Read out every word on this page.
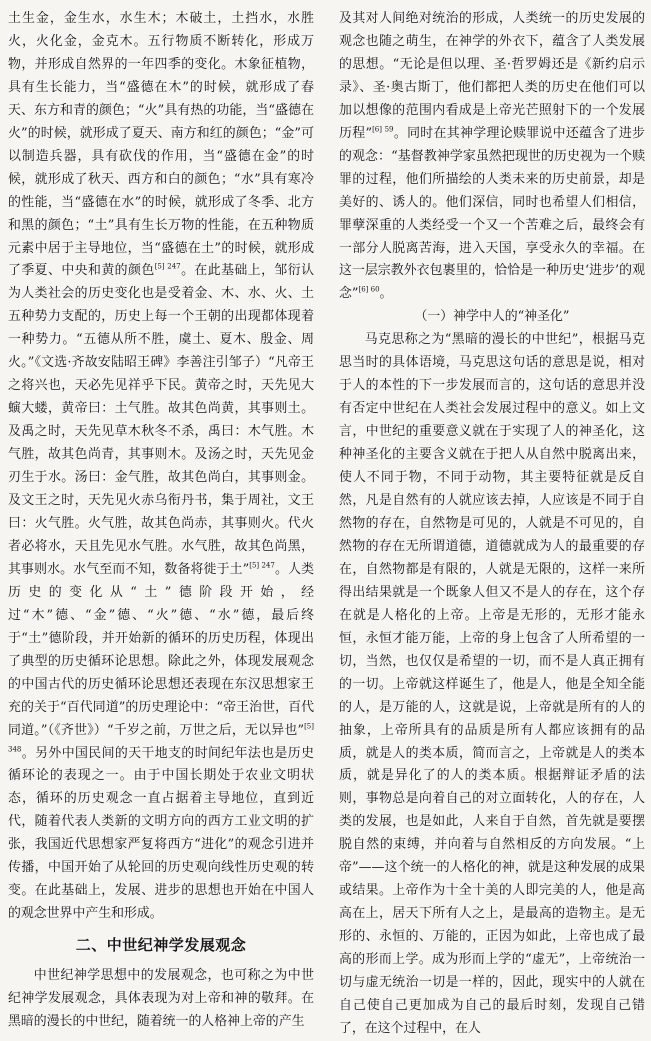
土生金，金生水，水生木；木破土，土挡水，水胜火，火化金，金克木。五行物质不断转化，形成万物，并形成自然界的一年四季的变化。木象征植物，具有生长能力，当“盛德在木”的时候，就形成了春天、东方和青的颜色；“火”具有热的功能，当“盛德在火”的时候，就形成了夏天、南方和红的颜色；“金”可以制造兵器，具有砍伐的作用，当“盛德在金”的时候，就形成了秋天、西方和白的颜色；“水”具有寒冷的性能，当“盛德在水”的时候，就形成了冬季、北方和黑的颜色；“土”具有生长万物的性能，在五种物质元素中居于主导地位，当“盛德在土”的时候，就形成了季夏、中央和黄的颜色$^{[5] 247}$。在此基础上，邹衍认为人类社会的历史变化也是受着金、木、水、火、土五种势力支配的，历史上每一个王朝的出现都体现着一种势力。“五德从所不胜，虞土、夏木、殷金、周火。”《文选·齐故安陆昭王碑》李善注引邹子）“凡帝王之将兴也，天必先见祥乎下民。黄帝之时，天先见大螾大蝼，黄帝曰：土气胜。故其色尚黄，其事则土。及禹之时，天先见草木秋冬不杀，禹曰：木气胜。木气胜，故其色尚青，其事则木。及汤之时，天先见金刃生于水。汤曰：金气胜，故其色尚白，其事则金。及文王之时，天先见火赤乌衔丹书，集于周社，文王曰：火气胜。火气胜，故其色尚赤，其事则火。代火者必将水，天且先见水气胜。水气胜，故其色尚黑，其事则水。水气至而不知，数备将徙于土”$^{[5] 247}$。人类历史的变化从“土”德阶段开始，经过“木”德、“金”德、“火”德、“水”德，最后终于“土”德阶段，并开始新的循环的历史历程，体现出了典型的历史循环论思想。除此之外，体现发展观念的中国古代的历史循环论思想还表现在东汉思想家王充的关于“百代同道”的历史理论中：“帝王治世，百代同道。”（《齐世》）“千岁之前，万世之后，无以异也”$^{[5] 348}$。另外中国民间的天干地支的时间纪年法也是历史循环论的表现之一。由于中国长期处于农业文明状态，循环的历史观念一直占据着主导地位，直到近代，随着代表人类新的文明方向的西方工业文明的扩张，我国近代思想家严复将西方“进化”的观念引进并传播，中国开始了从轮回的历史观向线性历史观的转变。在此基础上，发展、进步的思想也开始在中国人的观念世界中产生和形成。

二、中世纪神学发展观念

中世纪神学思想中的发展观念，也可称之为中世纪神学发展观念，具体表现为对上帝和神的敬拜。在黑暗的漫长的中世纪，随着统一的人格神上帝的产生

及其对人间绝对统治的形成，人类统一的历史发展的观念也随之萌生，在神学的外衣下，蕴含了人类发展的思想。“无论是但以理、圣·哲罗姆还是《新约启示录》、圣·奥古斯丁，他们都把人类的历史在他们可以加以想像的范围内看成是上帝光芒照射下的一个发展历程”$^{[6] 59}$。同时在其神学理论赎罪说中还蕴含了进步的观念：“基督教神学家虽然把现世的历史视为一个赎罪的过程，他们所描绘的人类未来的历史前景，却是美好的、诱人的。他们深信，同时也希望人们相信，罪孽深重的人类经受一个又一个苦难之后，最终会有一部分人脱离苦海，进入天国，享受永久的幸福。在这一层宗教外衣包裹里的，恰恰是一种历史‘进步’的观念”$^{[6] 60}$。

（一）神学中人的“神圣化”

马克思称之为“黑暗的漫长的中世纪”，根据马克思当时的具体语境，马克思这句话的意思是说，相对于人的本性的下一步发展而言的，这句话的意思并没有否定中世纪在人类社会发展过程中的意义。如上文言，中世纪的重要意义就在于实现了人的神圣化，这种神圣化的主要含义就在于把人从自然中脱离出来，使人不同于物，不同于动物，其主要特征就是反自然，凡是自然有的人就应该去掉，人应该是不同于自然物的存在，自然物是可见的，人就是不可见的，自然物的存在无所谓道德，道德就成为人的最重要的存在，自然物都是有限的，人就是无限的，这样一来所得出结果就是一个既象人但又不是人的存在，这个存在就是人格化的上帝。上帝是无形的，无形才能永恒，永恒才能万能，上帝的身上包含了人所希望的一切，当然，也仅仅是希望的一切，而不是人真正拥有的一切。上帝就这样诞生了，他是人，他是全知全能的人，是万能的人，这就是说，上帝就是所有的人的抽象，上帝所具有的品质是所有人都应该拥有的品质，就是人的类本质，简而言之，上帝就是人的类本质，就是异化了的人的类本质。根据辩证矛盾的法则，事物总是向着自己的对立面转化，人的存在，人类的发展，也是如此，人来自于自然，首先就是要摆脱自然的束缚，并向着与自然相反的方向发展。“上帝”——这个统一的人格化的神，就是这种发展的成果或结果。上帝作为十全十美的人即完美的人，他是高高在上，居天下所有人之上，是最高的造物主。是无形的、永恒的、万能的，正因为如此，上帝也成了最高的形而上学。成为形而上学的“虚无”，上帝统治一切与虚无统治一切是一样的，因此，现实中的人就在自己使自己更加成为自己的最后时刻，发现自己错了，在这个过程中，在人
